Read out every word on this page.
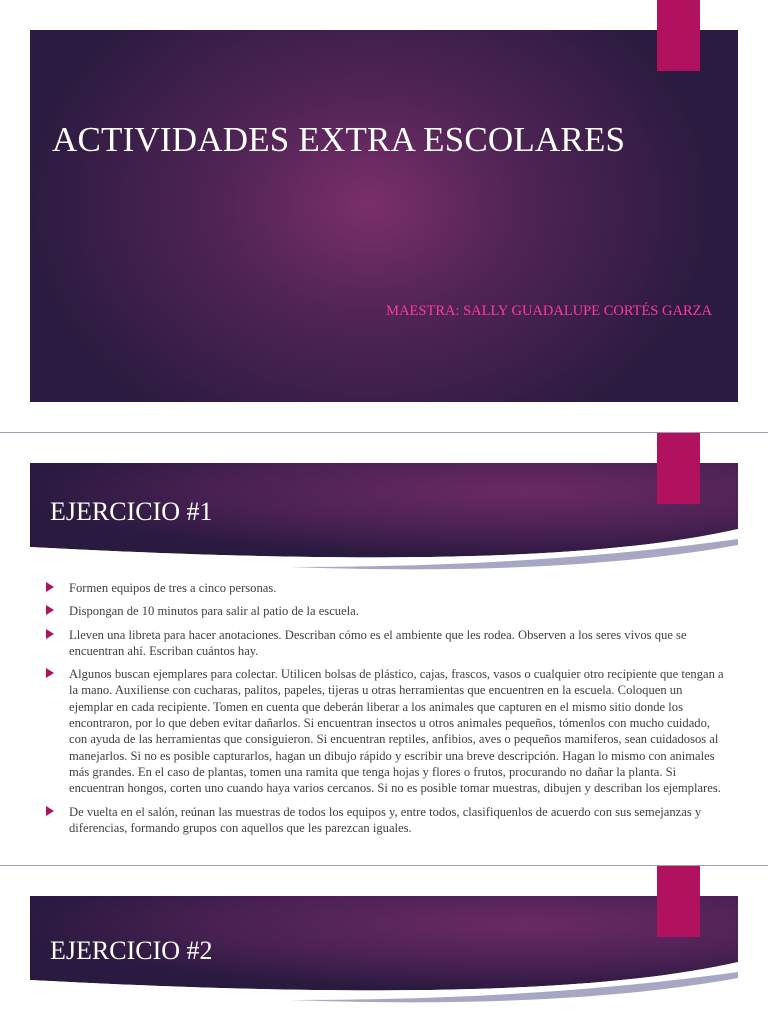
ACTIVIDADES EXTRA ESCOLARES

MAESTRA: SALLY GUADALUPE CORTÉS GARZA

EJERCICIO #1
Formen equipos de tres a cinco personas.
Dispongan de 10 minutos para salir al patio de la escuela.
Lleven una libreta para hacer anotaciones. Describan cómo es el ambiente que les rodea. Observen a los seres vivos que se encuentran ahí. Escriban cuántos hay.
Algunos buscan ejemplares para colectar. Utilicen bolsas de plástico, cajas, frascos, vasos o cualquier otro recipiente que tengan a la mano. Auxiliense con cucharas, palitos, papeles, tijeras u otras herramientas que encuentren en la escuela. Coloquen un ejemplar en cada recipiente. Tomen en cuenta que deberán liberar a los animales que capturen en el mismo sitio donde los encontraron, por lo que deben evitar dañarlos. Si encuentran insectos u otros animales pequeños, tómenlos con mucho cuidado, con ayuda de las herramientas que consiguieron. Si encuentran reptiles, anfibios, aves o pequeños mamiferos, sean cuidadosos al manejarlos. Si no es posible capturarlos, hagan un dibujo rápido y escribir una breve descripción. Hagan lo mismo con animales más grandes. En el caso de plantas, tomen una ramita que tenga hojas y flores o frutos, procurando no dañar la planta. Si encuentran hongos, corten uno cuando haya varios cercanos. Si no es posible tomar muestras, dibujen y describan los ejemplares.
De vuelta en el salón, reúnan las muestras de todos los equipos y, entre todos, clasifiquenlos de acuerdo con sus semejanzas y diferencias, formando grupos con aquellos que les parezcan iguales.
EJERCICIO #2
